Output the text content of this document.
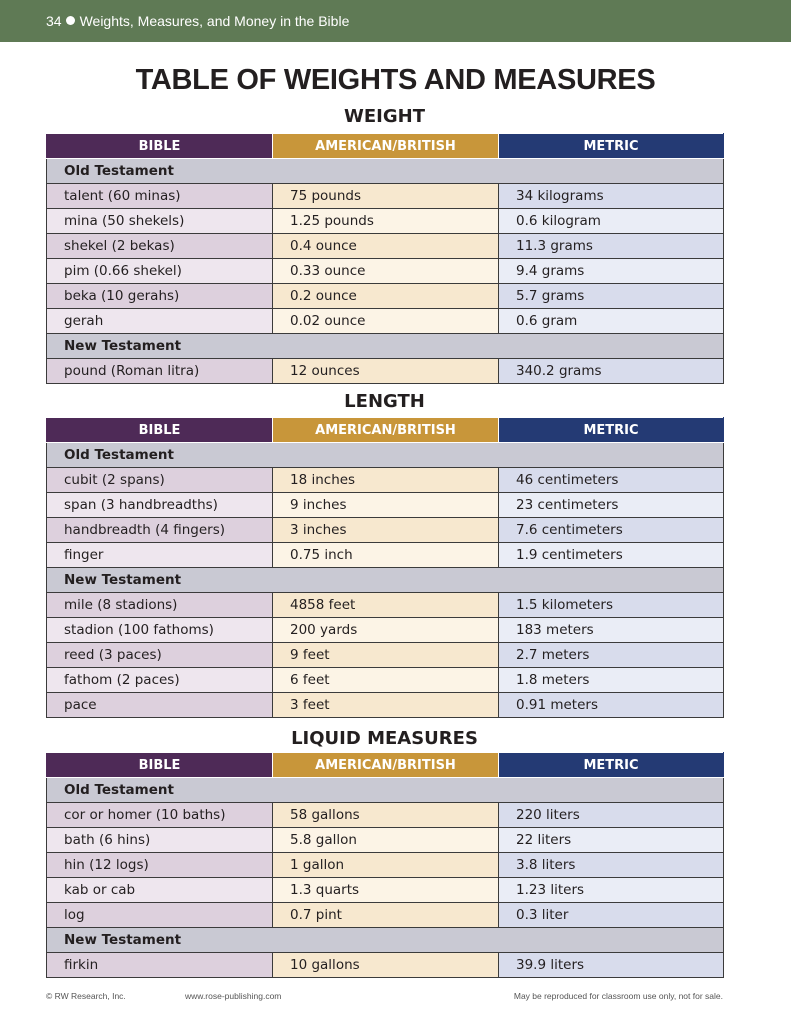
34 Weights, Measures, and Money in the Bible
TABLE OF WEIGHTS AND MEASURES
WEIGHT
BIBLE	AMERICAN/BRITISH	METRIC
Old Testament		
talent (60 minas)	75 pounds	34 kilograms
mina (50 shekels)	1.25 pounds	0.6 kilogram
shekel (2 bekas)	0.4 ounce	11.3 grams
pim (0.66 shekel)	0.33 ounce	9.4 grams
beka (10 gerahs)	0.2 ounce	5.7 grams
gerah	0.02 ounce	0.6 gram
New Testament		
pound (Roman litra)	12 ounces	340.2 grams
LENGTH
BIBLE	AMERICAN/BRITISH	METRIC
Old Testament		
cubit (2 spans)	18 inches	46 centimeters
span (3 handbreadths)	9 inches	23 centimeters
handbreadth (4 fingers)	3 inches	7.6 centimeters
finger	0.75 inch	1.9 centimeters
New Testament		
mile (8 stadions)	4858 feet	1.5 kilometers
stadion (100 fathoms)	200 yards	183 meters
reed (3 paces)	9 feet	2.7 meters
fathom (2 paces)	6 feet	1.8 meters
pace	3 feet	0.91 meters
LIQUID MEASURES
BIBLE	AMERICAN/BRITISH	METRIC
Old Testament		
cor or homer (10 baths)	58 gallons	220 liters
bath (6 hins)	5.8 gallon	22 liters
hin (12 logs)	1 gallon	3.8 liters
kab or cab	1.3 quarts	1.23 liters
log	0.7 pint	0.3 liter
New Testament		
firkin	10 gallons	39.9 liters
© RW Research, Inc.	www.rose-publishing.com	May be reproduced for classroom use only, not for sale.
